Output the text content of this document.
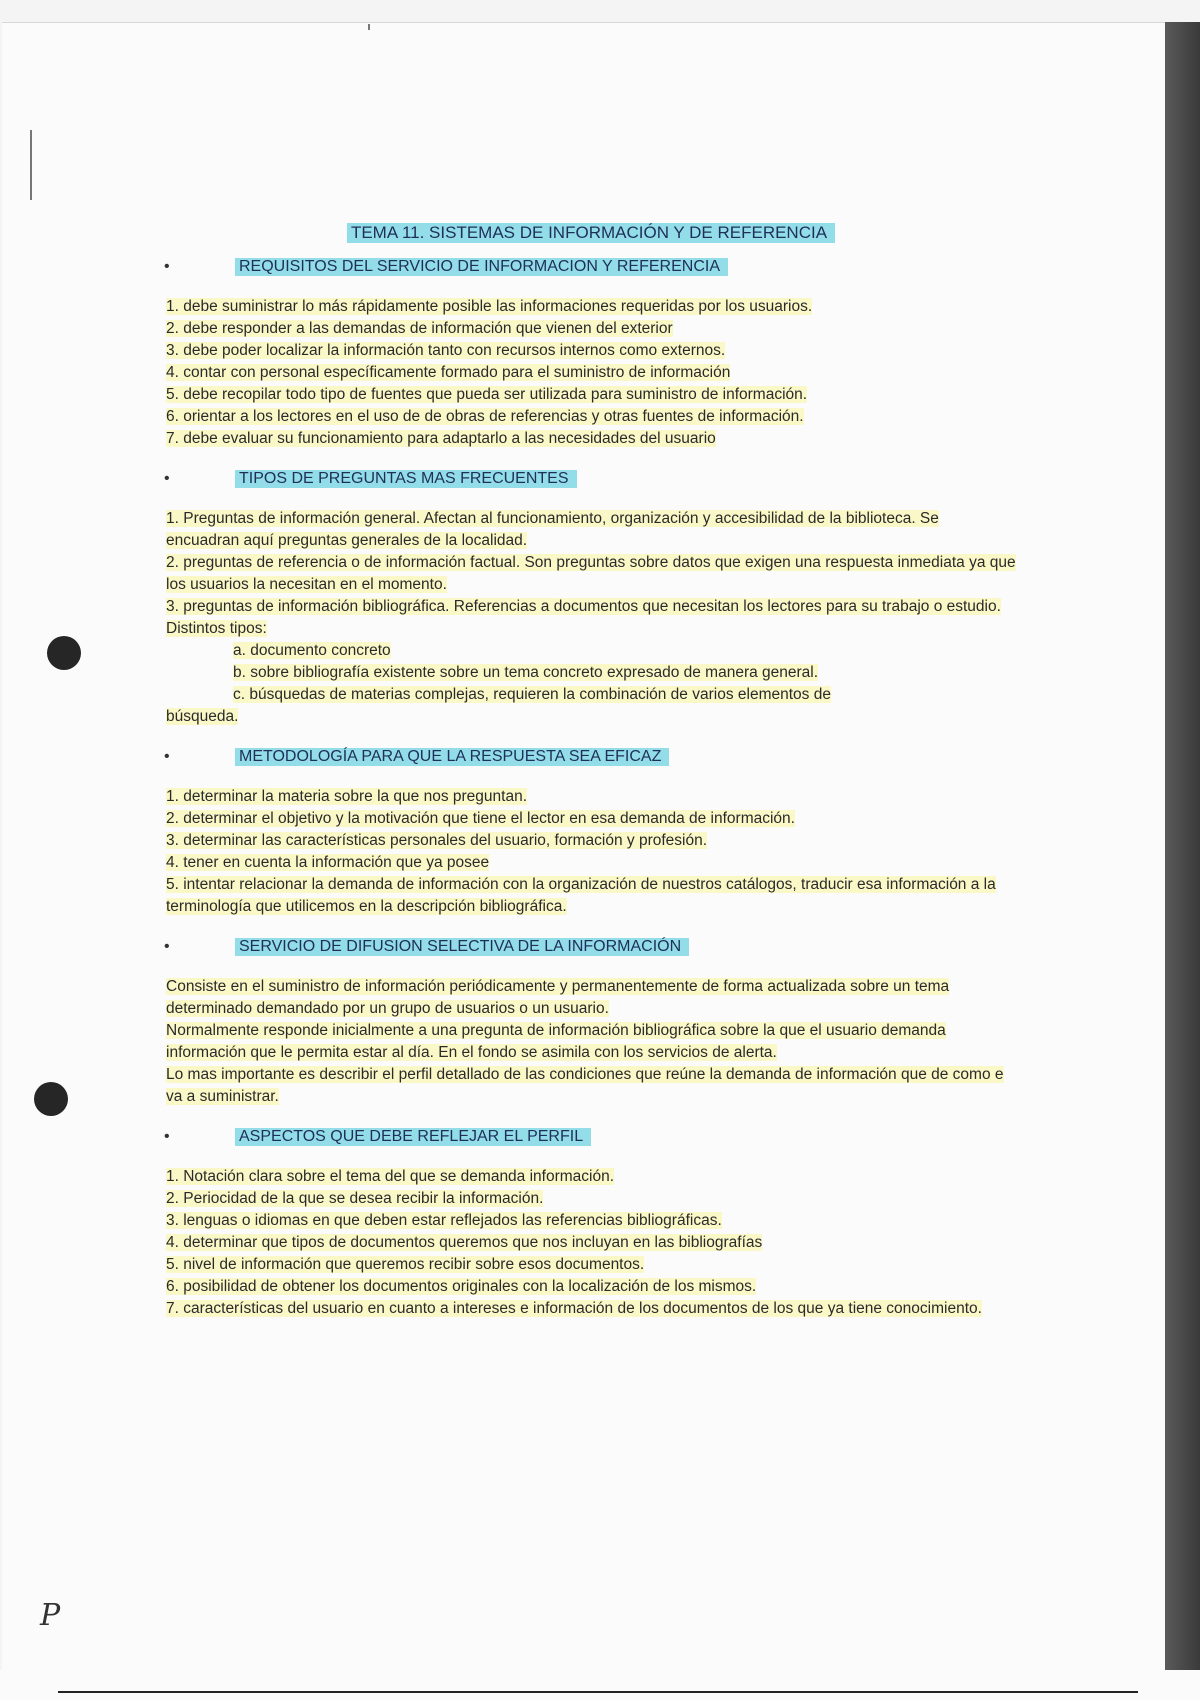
P
TEMA 11. SISTEMAS DE INFORMACIÓN Y DE REFERENCIA
•	REQUISITOS DEL SERVICIO DE INFORMACION Y REFERENCIA
1. debe suministrar lo más rápidamente posible las informaciones requeridas por los usuarios.
2. debe responder a las demandas de información que vienen del exterior
3. debe poder localizar la información tanto con recursos internos como externos.
4. contar con personal específicamente formado para el suministro de información
5. debe recopilar todo tipo de fuentes que pueda ser utilizada para suministro de información.
6. orientar a los lectores en el uso de de obras de referencias y otras fuentes de información.
7. debe evaluar su funcionamiento para adaptarlo a las necesidades del usuario
•	TIPOS DE PREGUNTAS MAS FRECUENTES
1. Preguntas de información general. Afectan al funcionamiento, organización y accesibilidad de la biblioteca. Se encuadran aquí preguntas generales de la localidad.
2. preguntas de referencia o de información factual. Son preguntas sobre datos que exigen una respuesta inmediata ya que los usuarios la necesitan en el momento.
3. preguntas de información bibliográfica. Referencias a documentos que necesitan los lectores para su trabajo o estudio. Distintos tipos:
a. documento concreto
b. sobre bibliografía existente sobre un tema concreto expresado de manera general.
c. búsquedas de materias complejas, requieren la combinación de varios elementos de
búsqueda.
•	METODOLOGÍA PARA QUE LA RESPUESTA SEA EFICAZ
1. determinar la materia sobre la que nos preguntan.
2. determinar el objetivo y la motivación que tiene el lector en esa demanda de información.
3. determinar las características personales del usuario, formación y profesión.
4. tener en cuenta la información que ya posee
5. intentar relacionar la demanda de información con la organización de nuestros catálogos, traducir esa información a la terminología que utilicemos en la descripción bibliográfica.
•	SERVICIO DE DIFUSION SELECTIVA DE LA INFORMACIÓN
Consiste en el suministro de información periódicamente y permanentemente de forma actualizada sobre un tema determinado demandado por un grupo de usuarios o un usuario.
Normalmente responde inicialmente a una pregunta de información bibliográfica sobre la que el usuario demanda información que le permita estar al día. En el fondo se asimila con los servicios de alerta.
Lo mas importante es describir el perfil detallado de las condiciones que reúne la demanda de información que de como e va a suministrar.
•	ASPECTOS QUE DEBE REFLEJAR EL PERFIL
1. Notación clara sobre el tema del que se demanda información.
2. Periocidad de la que se desea recibir la información.
3. lenguas o idiomas en que deben estar reflejados las referencias bibliográficas.
4. determinar que tipos de documentos queremos que nos incluyan en las bibliografías
5. nivel de información que queremos recibir sobre esos documentos.
6. posibilidad de obtener los documentos originales con la localización de los mismos.
7. características del usuario en cuanto a intereses e información de los documentos de los que ya tiene conocimiento.
